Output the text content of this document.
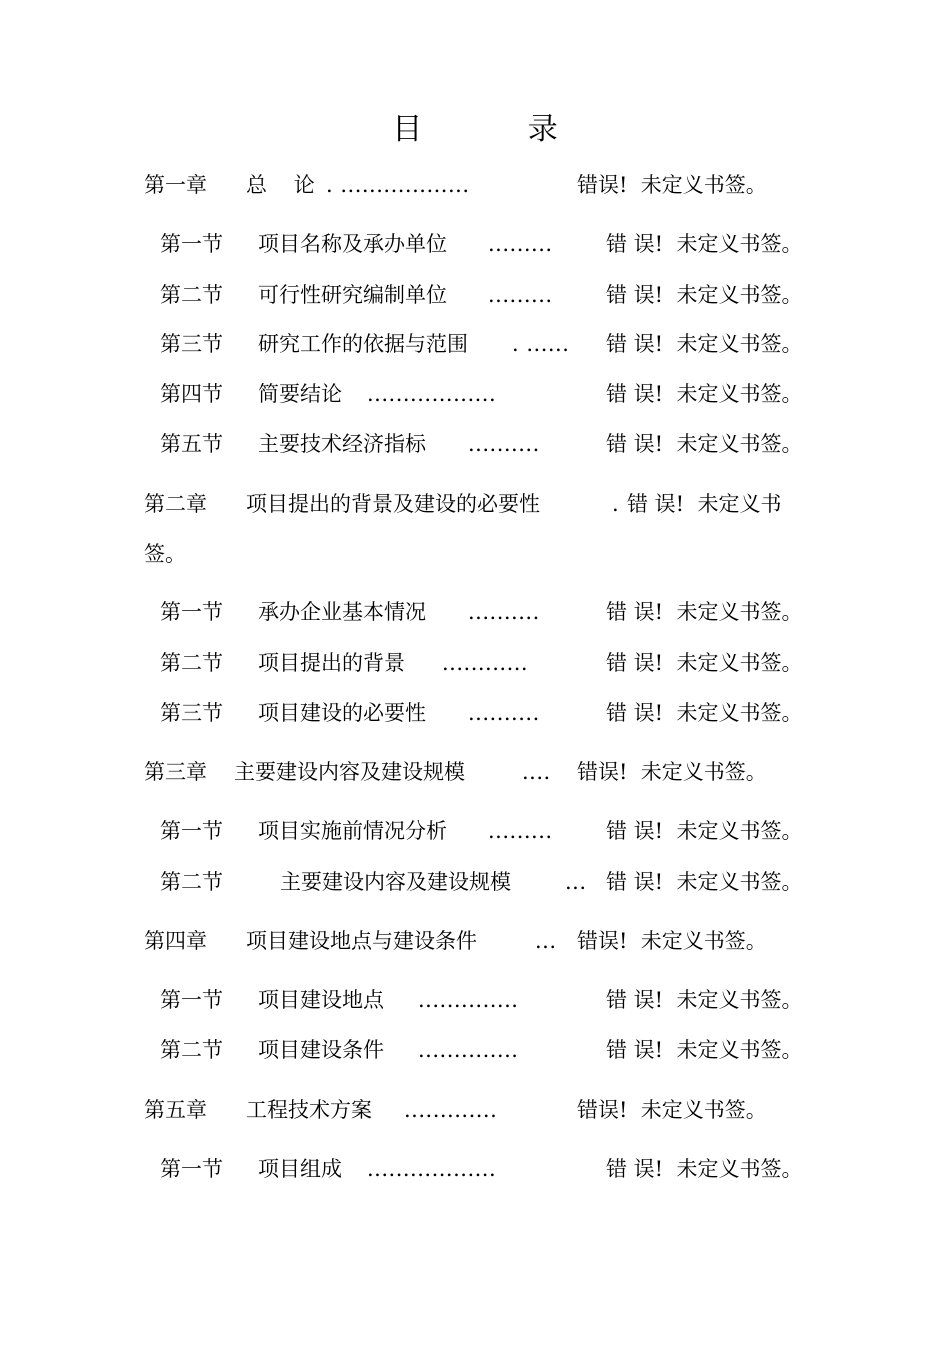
目 录
第一章 总    论 . ..................	错误!  未定义书签。
第一节 项目名称及承办单位 .........	错 误!  未定义书签。
第二节 可行性研究编制单位 .........	错 误!  未定义书签。
第三节 研究工作的依据与范围 . ...... 错 误!  未定义书签。
第四节 简要结论 ..................	错 误!  未定义书签。
第五节 主要技术经济指标 ..........	错 误!  未定义书签。
第二章 项目提出的背景及建设的必要性	. 错 误!  未定义书
签。
第一节 承办企业基本情况 ..........	错 误!  未定义书签。
第二节 项目提出的背景 ............	错 误!  未定义书签。
第三节 项目建设的必要性 ..........	错 误!  未定义书签。
第三章 主要建设内容及建设规模	.... 错误!  未定义书签。
第一节 项目实施前情况分析 .........	错 误!  未定义书签。
第二节	主要建设内容及建设规模	... 错 误!  未定义书签。
第四章 项目建设地点与建设条件	... 错误!  未定义书签。
第一节 项目建设地点 ..............	错 误!  未定义书签。
第二节 项目建设条件 ..............	错 误!  未定义书签。
第五章 工程技术方案 .............	错误!  未定义书签。
第一节 项目组成 ..................	错 误!  未定义书签。
